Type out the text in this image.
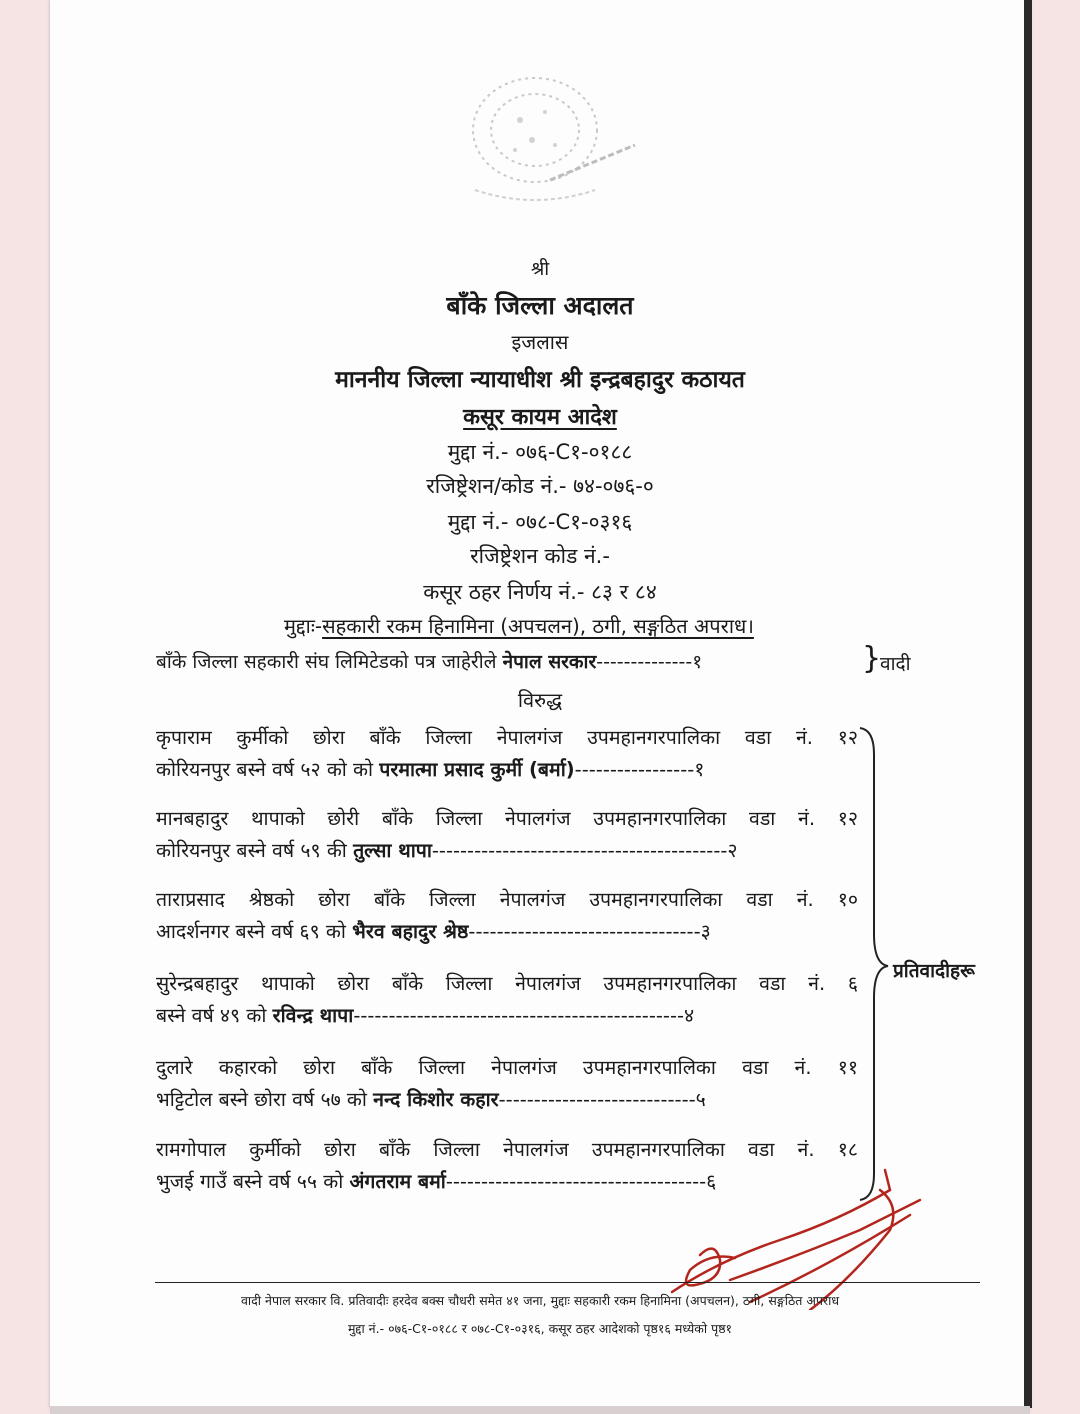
श्री
बाँके जिल्ला अदालत
इजलास
माननीय जिल्ला न्यायाधीश श्री इन्द्रबहादुर कठायत
कसूर कायम आदेश
मुद्दा नं.- ०७६-C१-०१८८
रजिष्ट्रेशन/कोड नं.- ७४-०७६-०
मुद्दा नं.- ०७८-C१-०३१६
रजिष्ट्रेशन कोड नं.-
कसूर ठहर निर्णय नं.- ८३ र ८४
मुद्दाः-सहकारी रकम हिनामिना (अपचलन), ठगी, सङ्गठित अपराध।
बाँके जिल्ला सहकारी संघ लिमिटेडको पत्र जाहेरीले नेपाल सरकार--------------१	}
वादी
विरुद्ध
कृपाराम कुर्मीको छोरा बाँके जिल्ला नेपालगंज उपमहानगरपालिका वडा नं. १२
कोरियनपुर बस्ने वर्ष ५२ को को परमात्मा प्रसाद कुर्मी (बर्मा)-----------------१
मानबहादुर थापाको छोरी बाँके जिल्ला नेपालगंज उपमहानगरपालिका वडा नं. १२
कोरियनपुर बस्ने वर्ष ५९ की तुल्सा थापा------------------------------------------२
ताराप्रसाद श्रेष्ठको छोरा बाँके जिल्ला नेपालगंज उपमहानगरपालिका वडा नं. १०
आदर्शनगर बस्ने वर्ष ६९ को भैरव बहादुर श्रेष्ठ---------------------------------३
सुरेन्द्रबहादुर थापाको छोरा बाँके जिल्ला नेपालगंज उपमहानगरपालिका वडा नं. ६
बस्ने वर्ष ४९ को रविन्द्र थापा-----------------------------------------------४
दुलारे कहारको छोरा बाँके जिल्ला नेपालगंज उपमहानगरपालिका वडा नं. ११
भट्टिटोल बस्ने छोरा वर्ष ५७ को नन्द किशोर कहार----------------------------५
रामगोपाल कुर्मीको छोरा बाँके जिल्ला नेपालगंज उपमहानगरपालिका वडा नं. १८
भुजई गाउँ बस्ने वर्ष ५५ को अंगतराम बर्मा-------------------------------------६
प्रतिवादीहरू
वादी नेपाल सरकार वि. प्रतिवादीः हरदेव बक्स चौधरी समेत ४१ जना, मुद्दाः सहकारी रकम हिनामिना (अपचलन), ठगी, सङ्गठित अपराध
मुद्दा नं.- ०७६-C१-०१८८ र ०७८-C१-०३१६, कसूर ठहर आदेशको पृष्ठ१६ मध्येको पृष्ठ१
